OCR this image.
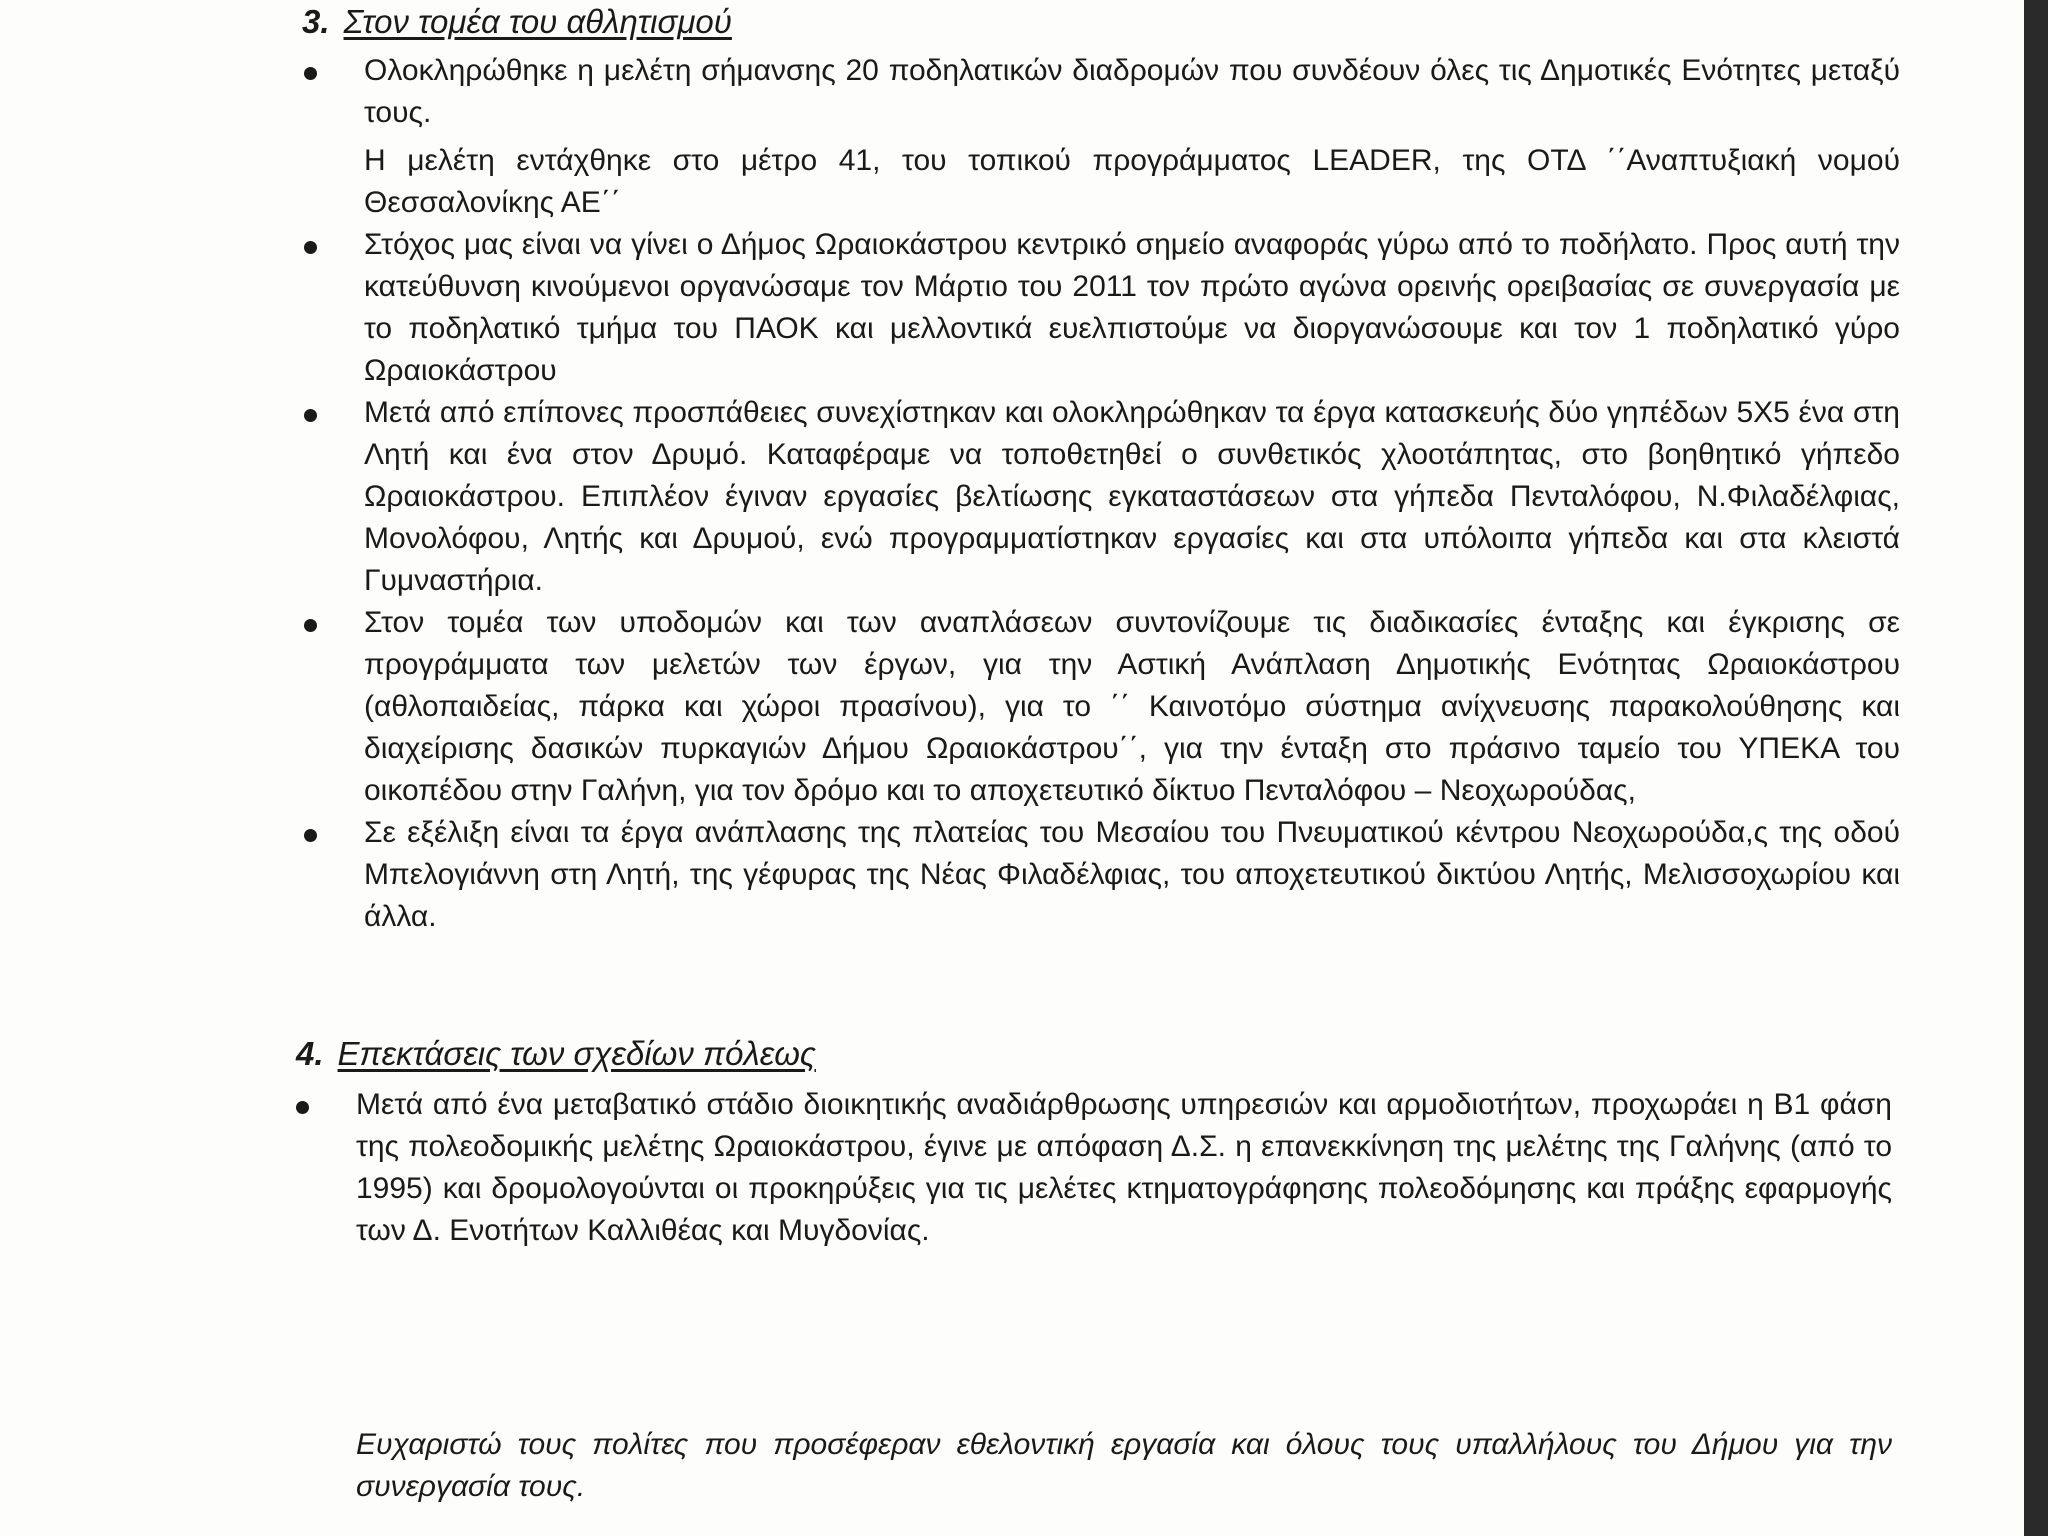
3. Στον τομέα του αθλητισμού

Ολοκληρώθηκε η μελέτη σήμανσης 20 ποδηλατικών διαδρομών που συνδέουν όλες τις Δημοτικές Ενότητες μεταξύ τους.

Η μελέτη εντάχθηκε στο μέτρο 41, του τοπικού προγράμματος LEADER, της ΟΤΔ ΄΄Αναπτυξιακή νομού Θεσσαλονίκης ΑΕ΄΄

Στόχος μας είναι να γίνει ο Δήμος Ωραιοκάστρου κεντρικό σημείο αναφοράς γύρω από το ποδήλατο. Προς αυτή την κατεύθυνση κινούμενοι οργανώσαμε τον Μάρτιο του 2011 τον πρώτο αγώνα ορεινής ορειβασίας σε συνεργασία με το ποδηλατικό τμήμα του ΠΑΟΚ και μελλοντικά ευελπιστούμε να διοργανώσουμε και τον 1 ποδηλατικό γύρο Ωραιοκάστρου

Μετά από επίπονες προσπάθειες συνεχίστηκαν και ολοκληρώθηκαν τα έργα κατασκευής δύο γηπέδων 5Χ5 ένα στη Λητή και ένα στον Δρυμό. Καταφέραμε να τοποθετηθεί ο συνθετικός χλοοτάπητας, στο βοηθητικό γήπεδο Ωραιοκάστρου. Επιπλέον έγιναν εργασίες βελτίωσης εγκαταστάσεων στα γήπεδα Πενταλόφου, Ν.Φιλαδέλφιας, Μονολόφου, Λητής και Δρυμού, ενώ προγραμματίστηκαν εργασίες και στα υπόλοιπα γήπεδα και στα κλειστά Γυμναστήρια.

Στον τομέα των υποδομών και των αναπλάσεων συντονίζουμε τις διαδικασίες ένταξης και έγκρισης σε προγράμματα των μελετών των έργων, για την Αστική Ανάπλαση Δημοτικής Ενότητας Ωραιοκάστρου (αθλοπαιδείας, πάρκα και χώροι πρασίνου), για το ΄΄ Καινοτόμο σύστημα ανίχνευσης παρακολούθησης και διαχείρισης δασικών πυρκαγιών Δήμου Ωραιοκάστρου΄΄, για την ένταξη στο πράσινο ταμείο του ΥΠΕΚΑ του οικοπέδου στην Γαλήνη, για τον δρόμο και το αποχετευτικό δίκτυο Πενταλόφου – Νεοχωρούδας,

Σε εξέλιξη είναι τα έργα ανάπλασης της πλατείας του Μεσαίου του Πνευματικού κέντρου Νεοχωρούδα,ς της οδού Μπελογιάννη στη Λητή, της γέφυρας της Νέας Φιλαδέλφιας, του αποχετευτικού δικτύου Λητής, Μελισσοχωρίου και άλλα.

4. Επεκτάσεις των σχεδίων πόλεως

Μετά από ένα μεταβατικό στάδιο διοικητικής αναδιάρθρωσης υπηρεσιών και αρμοδιοτήτων, προχωράει η Β1 φάση της πολεοδομικής μελέτης Ωραιοκάστρου, έγινε με απόφαση Δ.Σ. η επανεκκίνηση της μελέτης της Γαλήνης (από το 1995) και δρομολογούνται οι προκηρύξεις για τις μελέτες κτηματογράφησης πολεοδόμησης και πράξης εφαρμογής των Δ. Ενοτήτων Καλλιθέας και Μυγδονίας.

Ευχαριστώ τους πολίτες που προσέφεραν εθελοντική εργασία και όλους τους υπαλλήλους του Δήμου για την συνεργασία τους.
